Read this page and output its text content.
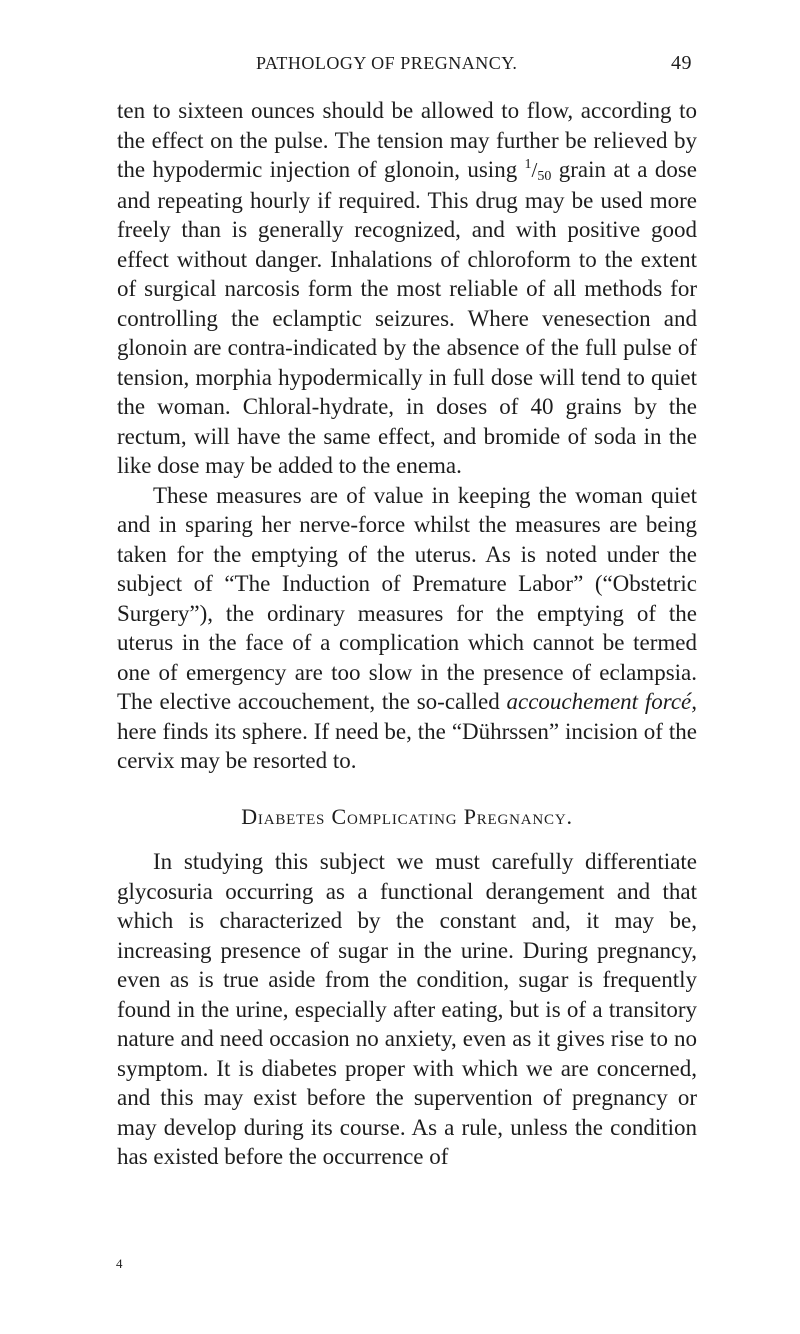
PATHOLOGY OF PREGNANCY.	49

ten to sixteen ounces should be allowed to flow, according to the effect on the pulse. The tension may further be relieved by the hypodermic injection of glonoin, using $^1/_{50}$ grain at a dose and repeating hourly if required. This drug may be used more freely than is generally recognized, and with positive good effect without danger. Inhalations of chloroform to the extent of surgical narcosis form the most reliable of all methods for controlling the eclamptic seizures. Where venesection and glonoin are contra-indicated by the absence of the full pulse of tension, morphia hypodermically in full dose will tend to quiet the woman. Chloral-hydrate, in doses of 40 grains by the rectum, will have the same effect, and bromide of soda in the like dose may be added to the enema.

These measures are of value in keeping the woman quiet and in sparing her nerve-force whilst the measures are being taken for the emptying of the uterus. As is noted under the subject of “The Induction of Premature Labor” (“Obstetric Surgery”), the ordinary measures for the emptying of the uterus in the face of a complication which cannot be termed one of emergency are too slow in the presence of eclampsia. The elective accouchement, the so-called accouchement forcé, here finds its sphere. If need be, the “Dührssen” incision of the cervix may be resorted to.

Diabetes Complicating Pregnancy.

In studying this subject we must carefully differentiate glycosuria occurring as a functional derangement and that which is characterized by the constant and, it may be, increasing presence of sugar in the urine. During pregnancy, even as is true aside from the condition, sugar is frequently found in the urine, especially after eating, but is of a transitory nature and need occasion no anxiety, even as it gives rise to no symptom. It is diabetes proper with which we are concerned, and this may exist before the supervention of pregnancy or may develop during its course. As a rule, unless the condition has existed before the occurrence of

4
